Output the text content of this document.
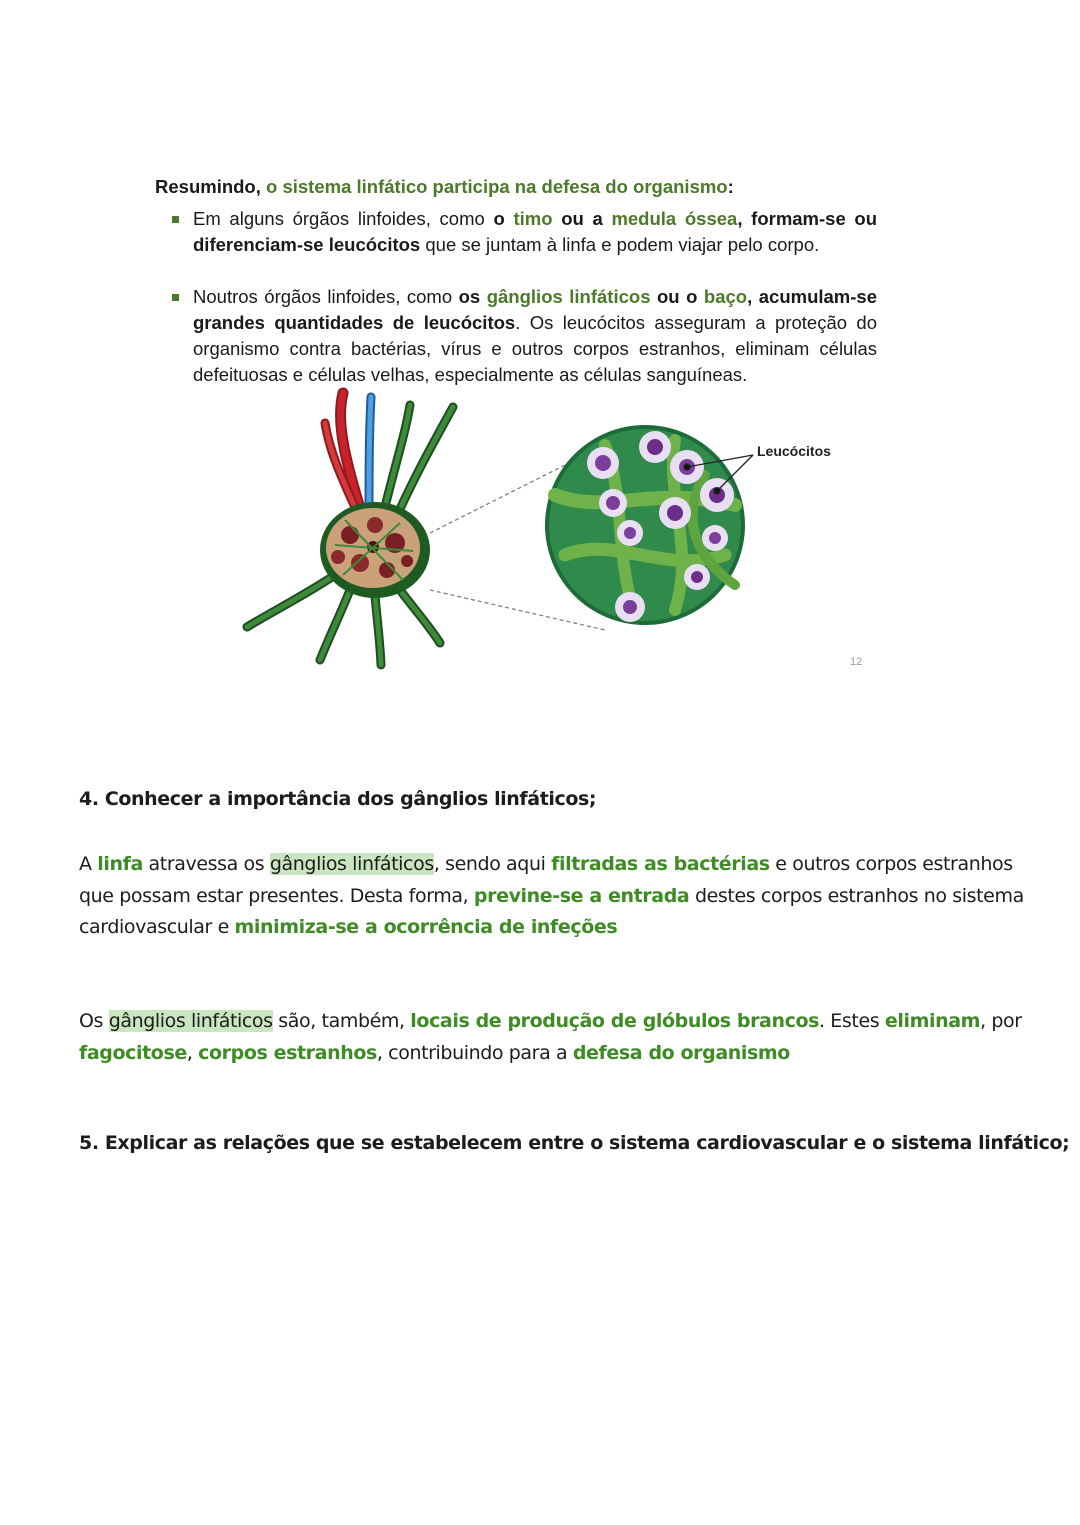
Resumindo, o sistema linfático participa na defesa do organismo:
Em alguns órgãos linfoides, como o timo ou a medula óssea, formam-se ou diferenciam-se leucócitos que se juntam à linfa e podem viajar pelo corpo.
Noutros órgãos linfoides, como os gânglios linfáticos ou o baço, acumulam-se grandes quantidades de leucócitos. Os leucócitos asseguram a proteção do organismo contra bactérias, vírus e outros corpos estranhos, eliminam células defeituosas e células velhas, especialmente as células sanguíneas.
Leucócitos
12
4. Conhecer a importância dos gânglios linfáticos;
A linfa atravessa os gânglios linfáticos, sendo aqui filtradas as bactérias e outros corpos estranhos que possam estar presentes. Desta forma, previne-se a entrada destes corpos estranhos no sistema cardiovascular e minimiza-se a ocorrência de infeções
Os gânglios linfáticos são, também, locais de produção de glóbulos brancos. Estes eliminam, por fagocitose, corpos estranhos, contribuindo para a defesa do organismo
5. Explicar as relações que se estabelecem entre o sistema cardiovascular e o sistema linfático;
